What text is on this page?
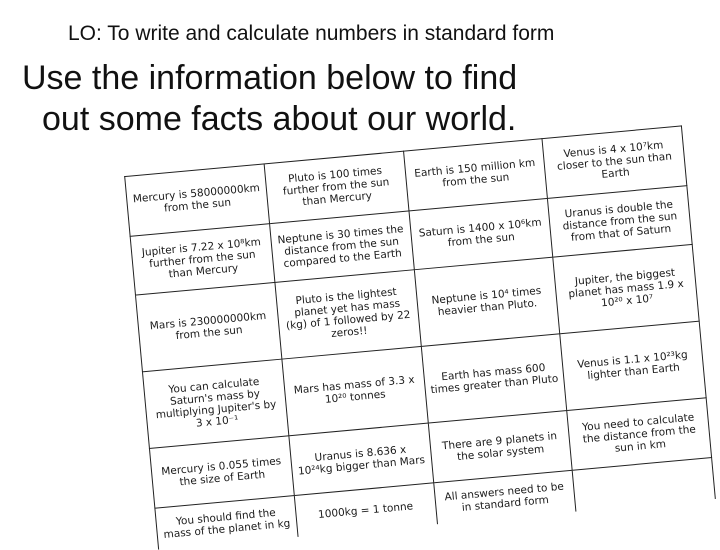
LO: To write and calculate numbers in standard form
Use the information below to find
out some facts about our world.
Mercury is 58000000km from the sun	Pluto is 100 times further from the sun than Mercury	Earth is 150 million km from the sun	Venus is 4 x 10⁷km closer to the sun than Earth
Jupiter is 7.22 x 10⁸km further from the sun than Mercury	Neptune is 30 times the distance from the sun compared to the Earth	Saturn is 1400 x 10⁶km from the sun	Uranus is double the distance from the sun from that of Saturn
Mars is 230000000km from the sun	Pluto is the lightest planet yet has mass (kg) of 1 followed by 22 zeros!!	Neptune is 10⁴ times heavier than Pluto.	Jupiter, the biggest planet has mass 1.9 x 10²⁰ x 10⁷
You can calculate Saturn's mass by multiplying Jupiter's by 3 x 10⁻¹	Mars has mass of 3.3 x 10²⁰ tonnes	Earth has mass 600 times greater than Pluto	Venus is 1.1 x 10²³kg lighter than Earth
Mercury is 0.055 times the size of Earth	Uranus is 8.636 x 10²⁴kg bigger than Mars	There are 9 planets in the solar system	You need to calculate the distance from the sun in km
You should find the mass of the planet in kg	1000kg = 1 tonne	All answers need to be in standard form	
